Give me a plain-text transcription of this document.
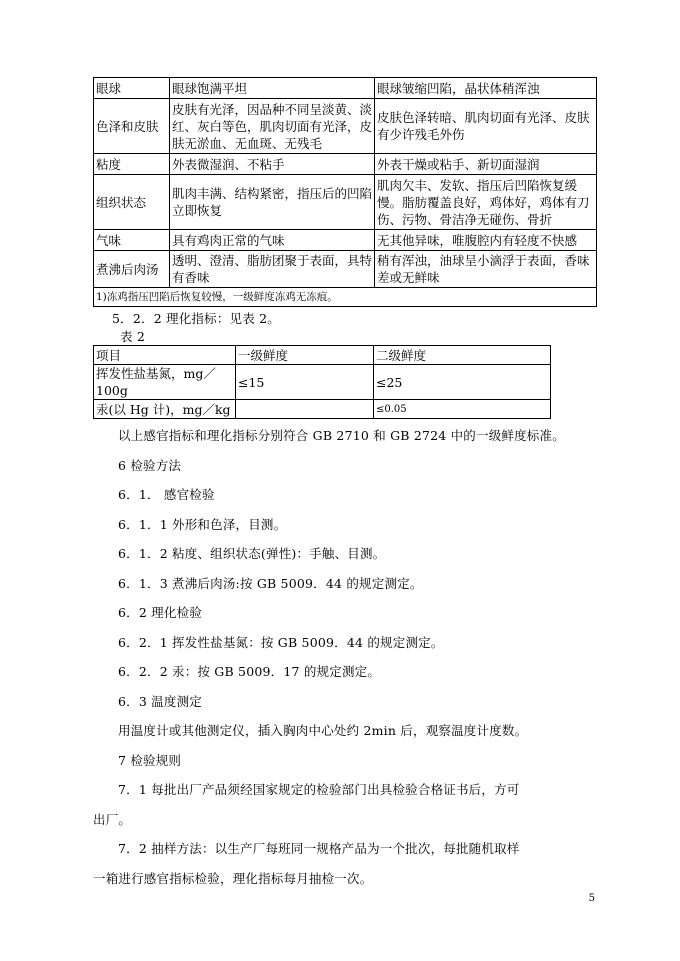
眼球	眼球饱满平坦	眼球皱缩凹陷，晶状体稍浑浊
色泽和皮肤	皮肤有光泽，因品种不同呈淡黄、淡红、灰白等色，肌肉切面有光泽，皮肤无淤血、无血斑、无残毛	皮肤色泽转暗、肌肉切面有光泽、皮肤有少许残毛外伤
粘度	外表微湿润、不粘手	外表干燥或粘手、新切面湿润
组织状态	肌肉丰满、结构紧密，指压后的凹陷立即恢复	肌肉欠丰、发软、指压后凹陷恢复缓慢。脂肪覆盖良好，鸡体好，鸡体有刀伤、污物、骨洁净无碰伤、骨折
气味	具有鸡肉正常的气味	无其他异味，唯腹腔内有轻度不快感
煮沸后肉汤	透明、澄清、脂肪团聚于表面，具特有香味	稍有浑浊，油球呈小滴浮于表面，香味差或无鲜味
1)冻鸡指压凹陷后恢复较慢，一级鲜度冻鸡无冻痕。		
5．2．2 理化指标：见表 2。
表 2
项目	一级鲜度	二级鲜度
挥发性盐基氮，mg／100g	≤15	≤25
汞(以 Hg 计)，mg／kg		≤0.05
以上感官指标和理化指标分别符合 GB 2710 和 GB 2724 中的一级鲜度标准。
6 检验方法
6．1． 感官检验
6．1．1 外形和色泽，目测。
6．1．2 粘度、组织状态(弹性)：手触、目测。
6．1．3 煮沸后肉汤:按 GB 5009．44 的规定测定。
6．2 理化检验
6．2．1 挥发性盐基氮：按 GB 5009．44 的规定测定。
6．2．2 汞：按 GB 5009．17 的规定测定。
6．3 温度测定
用温度计或其他测定仪，插入胸肉中心处约 2min 后，观察温度计度数。
7 检验规则
7．1 每批出厂产品须经国家规定的检验部门出具检验合格证书后，方可
出厂。
7．2 抽样方法：以生产厂每班同一规格产品为一个批次，每批随机取样
一箱进行感官指标检验，理化指标每月抽检一次。
5
